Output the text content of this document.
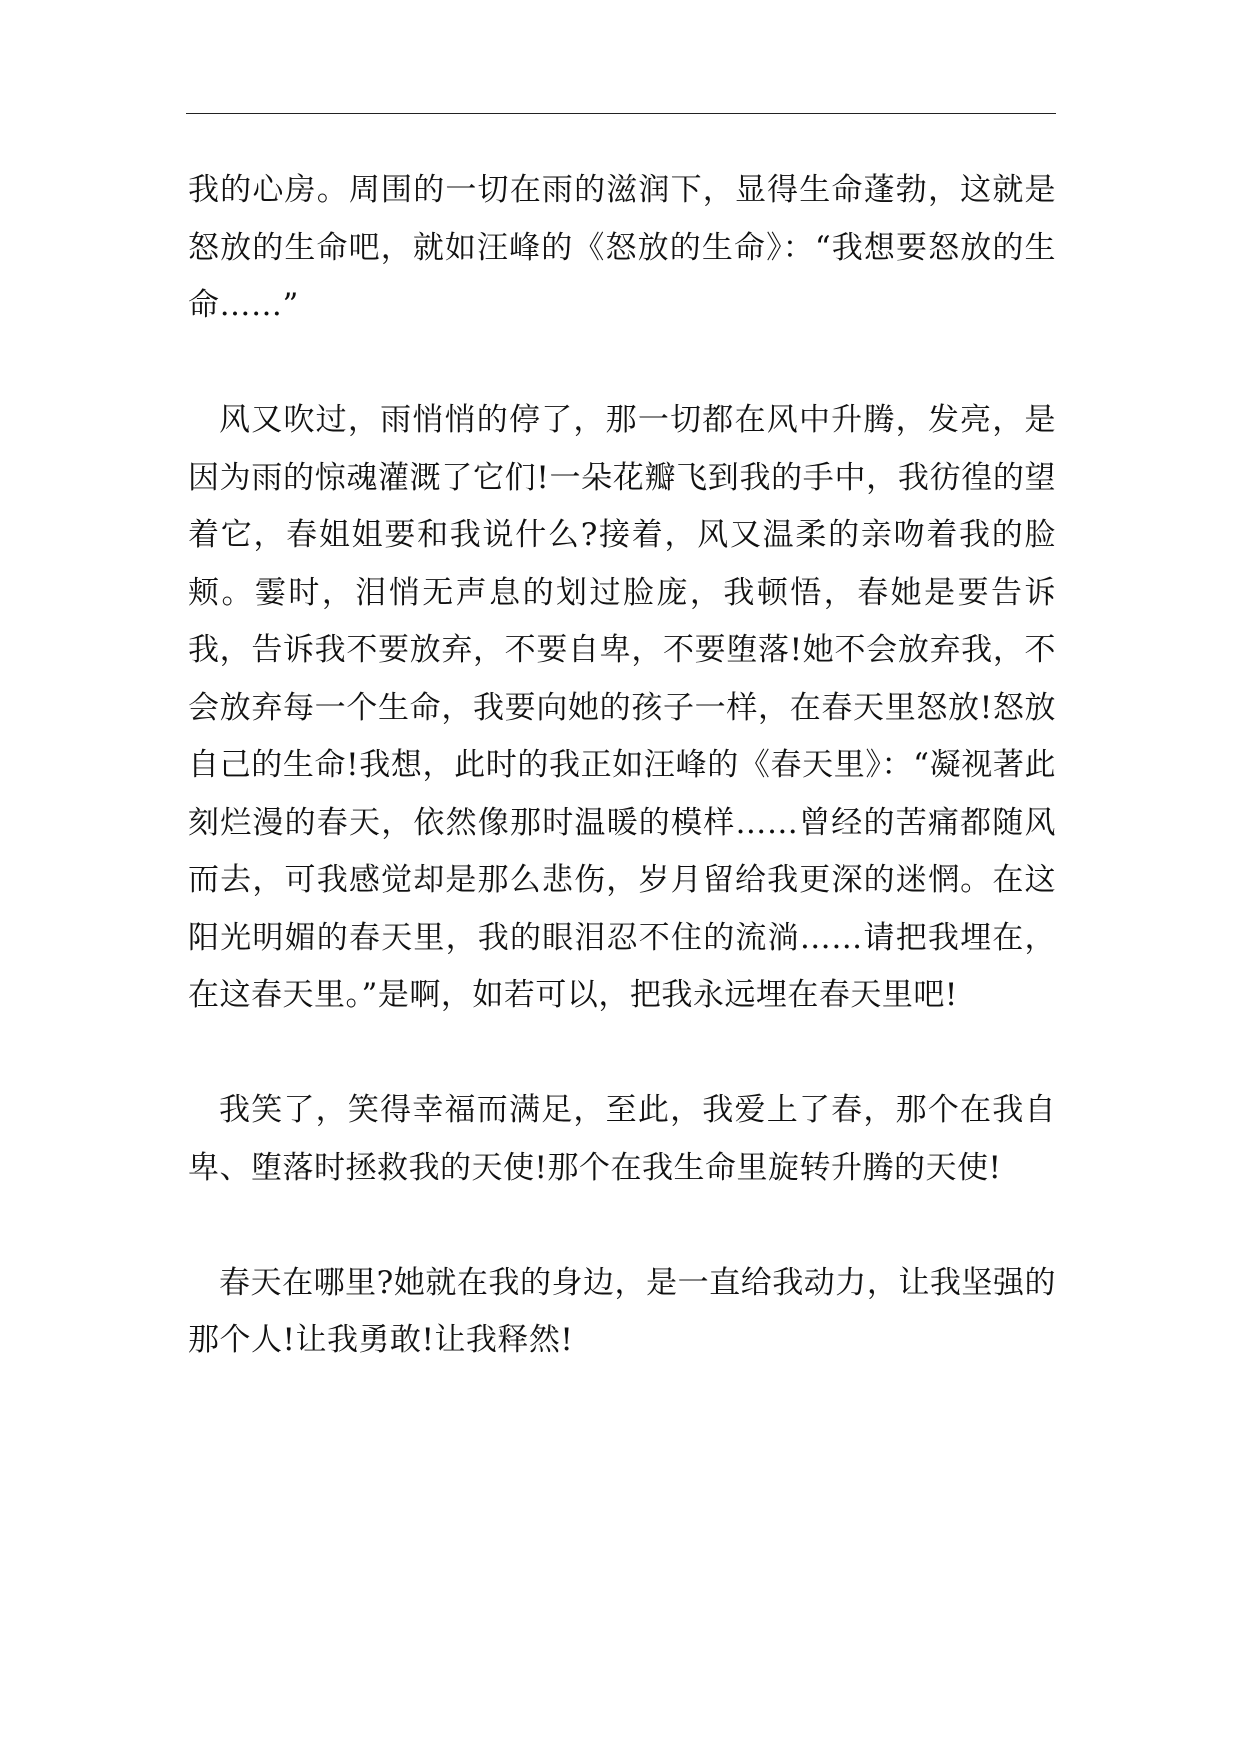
我的心房。周围的一切在雨的滋润下，显得生命蓬勃，这就是怒放的生命吧，就如汪峰的《怒放的生命》：“我想要怒放的生命……”

风又吹过，雨悄悄的停了，那一切都在风中升腾，发亮，是因为雨的惊魂灌溉了它们!一朵花瓣飞到我的手中，我彷徨的望着它，春姐姐要和我说什么?接着，风又温柔的亲吻着我的脸颊。霎时，泪悄无声息的划过脸庞，我顿悟，春她是要告诉我，告诉我不要放弃，不要自卑，不要堕落!她不会放弃我，不会放弃每一个生命，我要向她的孩子一样，在春天里怒放!怒放自己的生命!我想，此时的我正如汪峰的《春天里》：“凝视著此刻烂漫的春天，依然像那时温暖的模样……曾经的苦痛都随风而去，可我感觉却是那么悲伤，岁月留给我更深的迷惘。在这阳光明媚的春天里，我的眼泪忍不住的流淌……请把我埋在，在这春天里。”是啊，如若可以，把我永远埋在春天里吧!

我笑了，笑得幸福而满足，至此，我爱上了春，那个在我自卑、堕落时拯救我的天使!那个在我生命里旋转升腾的天使!

春天在哪里?她就在我的身边，是一直给我动力，让我坚强的那个人!让我勇敢!让我释然!
